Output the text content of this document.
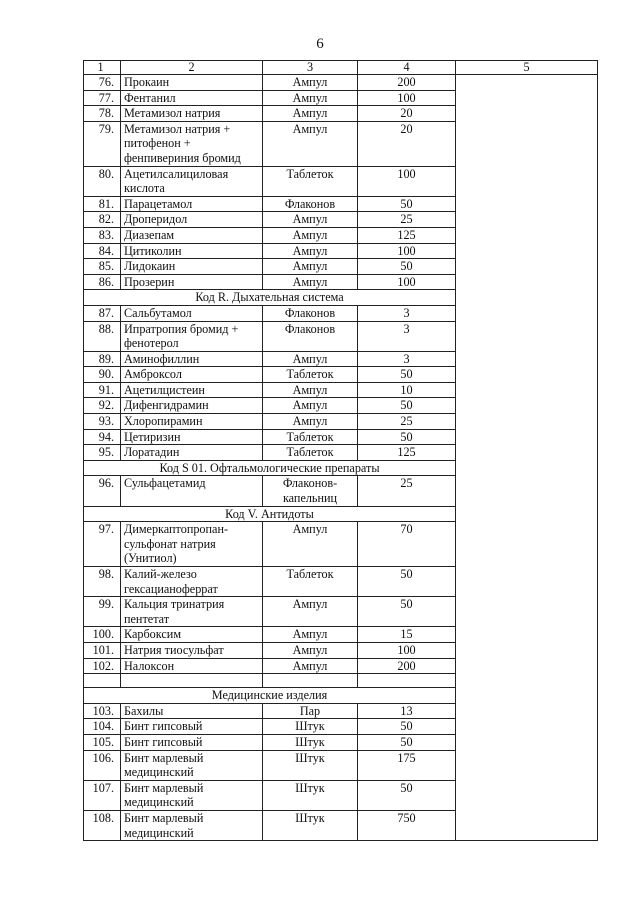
6
1	2	3	4	5
76.	Прокаин	Ампул	200	
77.	Фентанил	Ампул	100	
78.	Метамизол натрия	Ампул	20	
79.	Метамизол натрия + питофенон + фенпивериния бромид	Ампул	20	
80.	Ацетилсалициловая кислота	Таблеток	100	
81.	Парацетамол	Флаконов	50	
82.	Дроперидол	Ампул	25	
83.	Диазепам	Ампул	125	
84.	Цитиколин	Ампул	100	
85.	Лидокаин	Ампул	50	
86.	Прозерин	Ампул	100	
Код R. Дыхательная система				
87.	Сальбутамол	Флаконов	3	
88.	Ипратропия бромид + фенотерол	Флаконов	3	
89.	Аминофиллин	Ампул	3	
90.	Амброксол	Таблеток	50	
91.	Ацетилцистеин	Ампул	10	
92.	Дифенгидрамин	Ампул	50	
93.	Хлоропирамин	Ампул	25	
94.	Цетиризин	Таблеток	50	
95.	Лоратадин	Таблеток	125	
Код S 01. Офтальмологические препараты				
96.	Сульфацетамид	Флаконов-капельниц	25	
Код V. Антидоты				
97.	Димеркаптопропан-сульфонат натрия (Унитиол)	Ампул	70	
98.	Калий-железо гексацианоферрат	Таблеток	50	
99.	Кальция тринатрия пентетат	Ампул	50	
100.	Карбоксим	Ампул	15	
101.	Натрия тиосульфат	Ампул	100	
102.	Налоксон	Ампул	200	

Медицинские изделия				
103.	Бахилы	Пар	13	
104.	Бинт гипсовый	Штук	50	
105.	Бинт гипсовый	Штук	50	
106.	Бинт марлевый медицинский	Штук	175	
107.	Бинт марлевый медицинский	Штук	50	
108.	Бинт марлевый медицинский	Штук	750	
